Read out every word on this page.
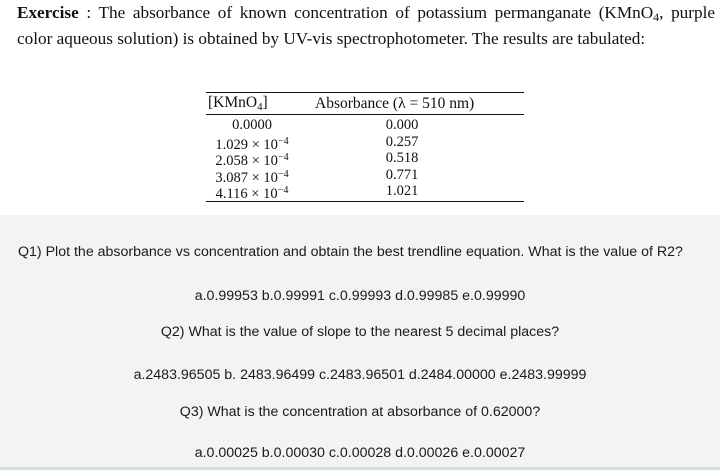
Exercise : The absorbance of known concentration of potassium permanganate (KMnO$_4$, purple color aqueous solution) is obtained by UV-vis spectrophotometer. The results are tabulated:

[KMnO$_4$]	Absorbance (λ = 510 nm)
0.0000	0.000
$1.029 \times 10^{-4}$	0.257
$2.058 \times 10^{-4}$	0.518
$3.087 \times 10^{-4}$	0.771
$4.116 \times 10^{-4}$	1.021
Q1) Plot the absorbance vs concentration and obtain the best trendline equation. What is the value of R2?
a.0.99953 b.0.99991 c.0.99993 d.0.99985 e.0.99990
Q2) What is the value of slope to the nearest 5 decimal places?
a.2483.96505 b. 2483.96499 c.2483.96501 d.2484.00000 e.2483.99999
Q3) What is the concentration at absorbance of 0.62000?
a.0.00025 b.0.00030 c.0.00028 d.0.00026 e.0.00027
